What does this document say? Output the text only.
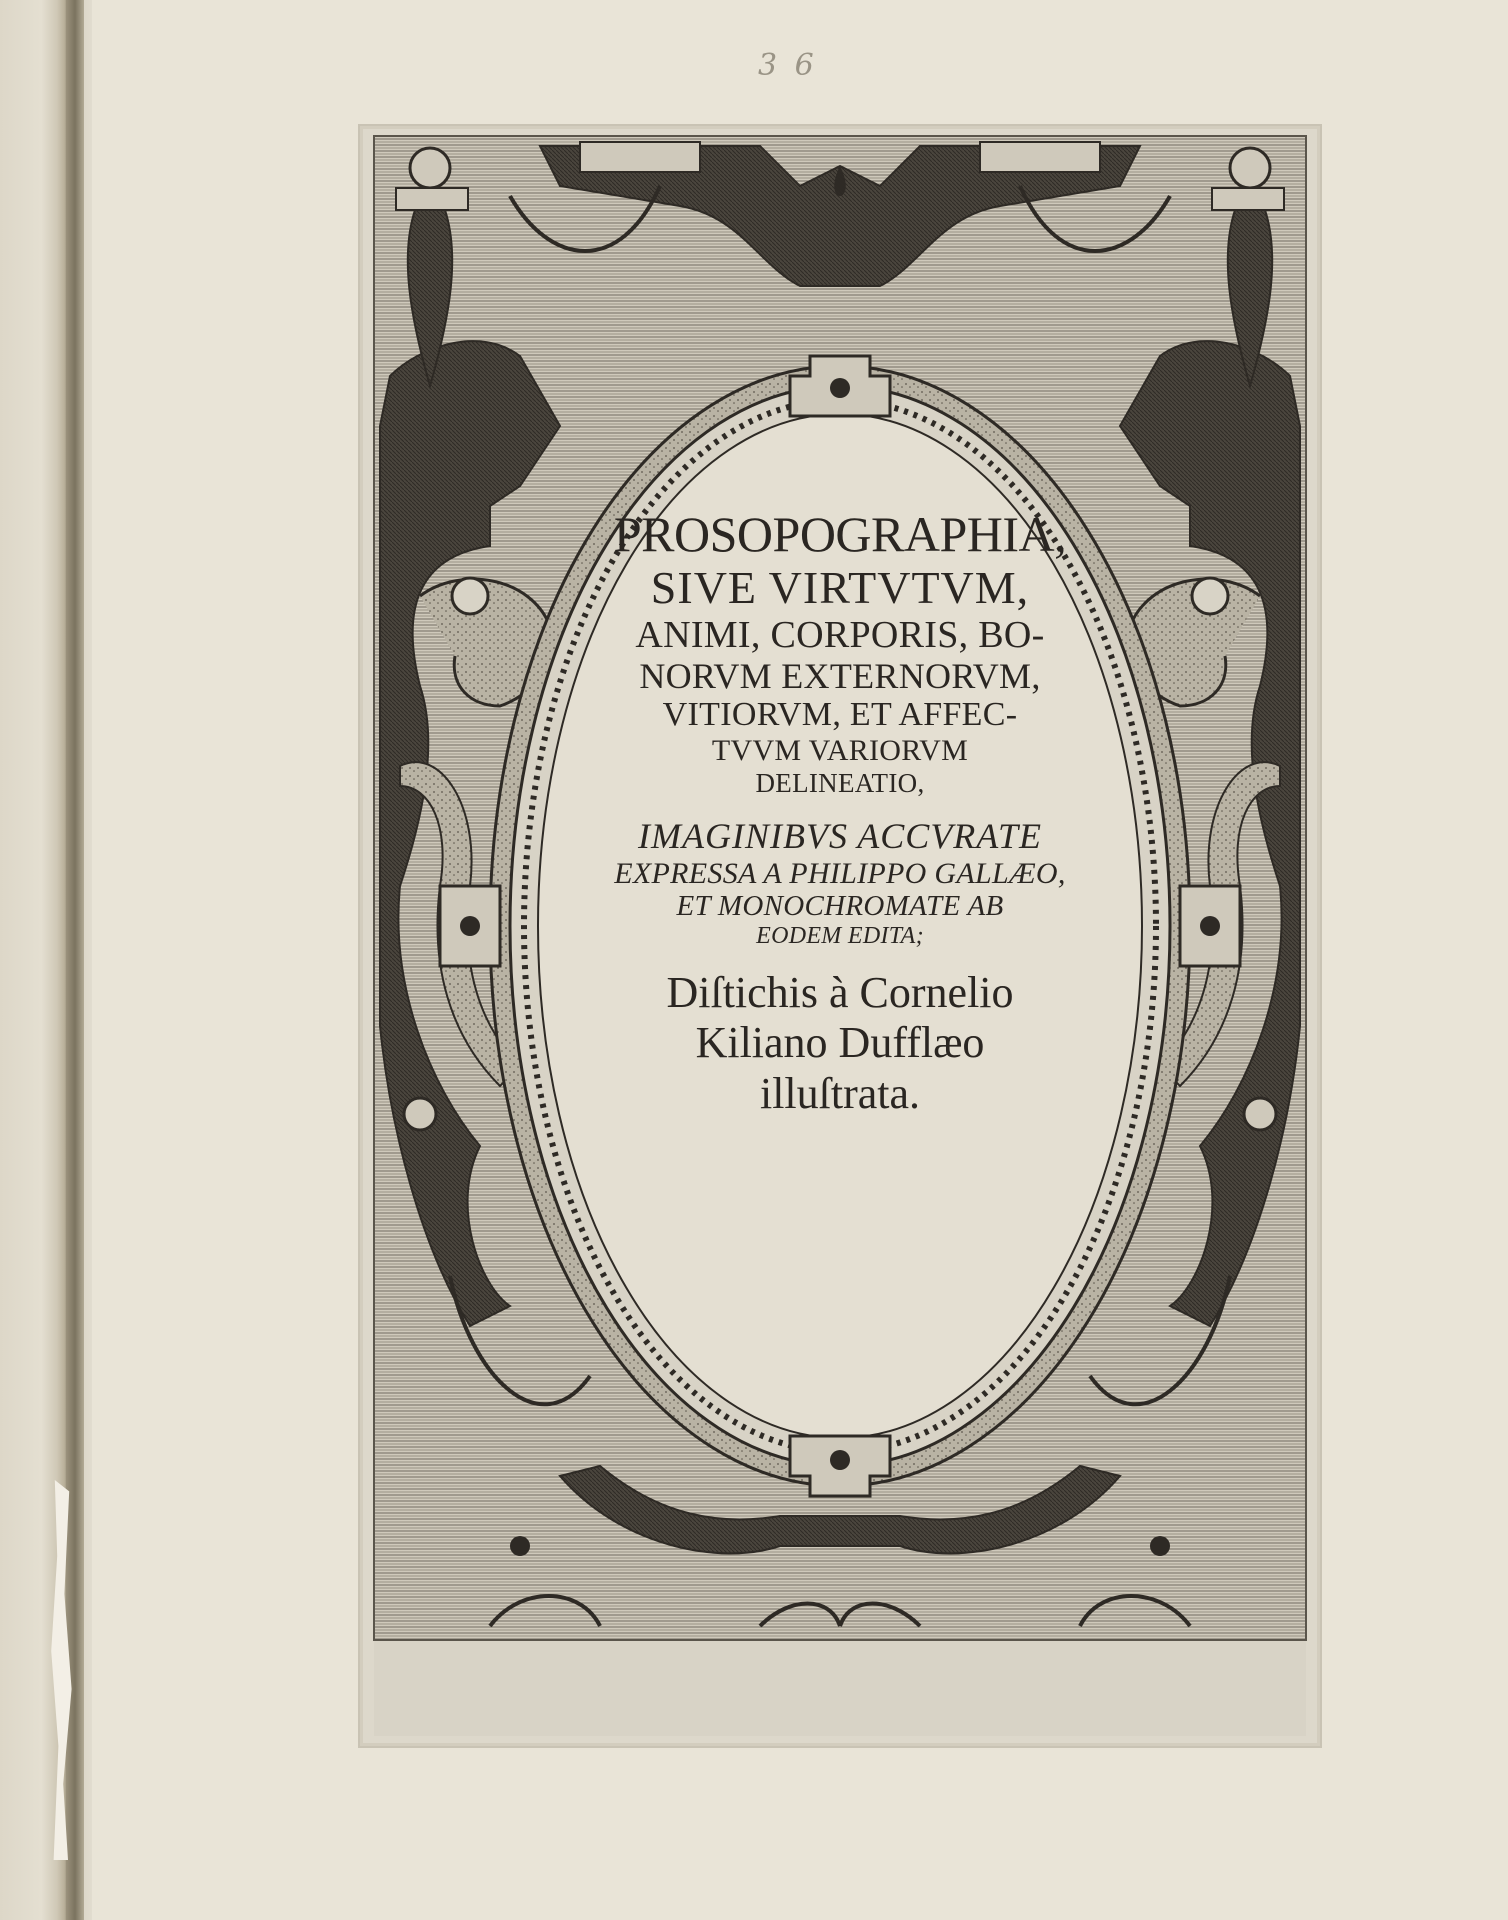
3 6
PROSOPOGRAPHIA,
SIVE VIRTVTVM,
ANIMI, CORPORIS, BO-
NORVM EXTERNORVM,
VITIORVM, ET AFFEC-
TVVM VARIORVM
DELINEATIO,
IMAGINIBVS ACCVRATE
EXPRESSA A PHILIPPO GALLÆO,
ET MONOCHROMATE AB
EODEM EDITA;
Diſtichis à Cornelio
Kiliano Dufflæo
illuſtrata.
